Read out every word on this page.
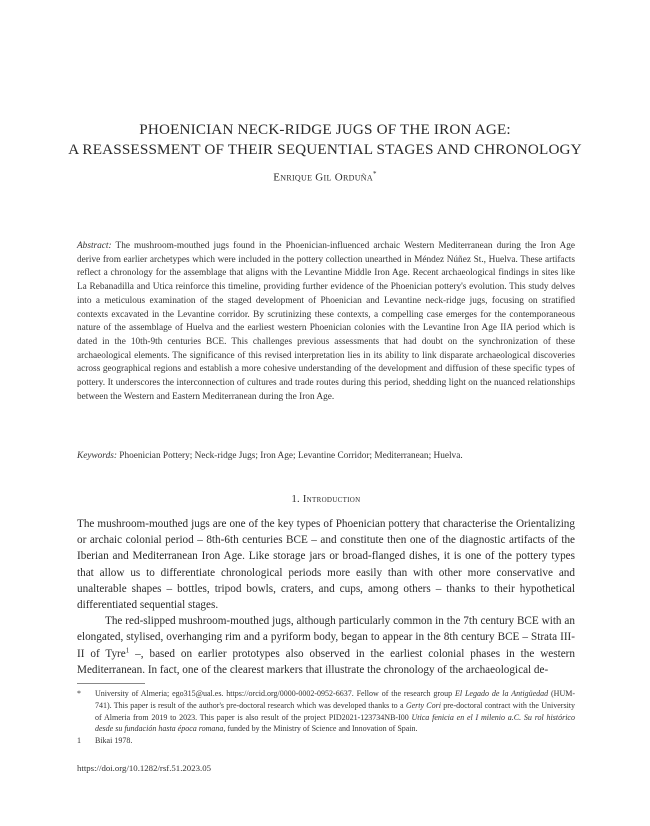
PHOENICIAN NECK-RIDGE JUGS OF THE IRON AGE:
A REASSESSMENT OF THEIR SEQUENTIAL STAGES AND CHRONOLOGY
Enrique Gil Orduña*
Abstract: The mushroom-mouthed jugs found in the Phoenician-influenced archaic Western Mediterranean during the Iron Age derive from earlier archetypes which were included in the pottery collection unearthed in Méndez Núñez St., Huelva. These artifacts reflect a chronology for the assemblage that aligns with the Levantine Middle Iron Age. Recent archaeological findings in sites like La Rebanadilla and Utica reinforce this timeline, providing further evidence of the Phoenician pottery's evolution. This study delves into a meticulous examination of the staged development of Phoenician and Levantine neck-ridge jugs, focusing on stratified contexts excavated in the Levantine corridor. By scrutinizing these contexts, a compelling case emerges for the contemporaneous nature of the assemblage of Huelva and the earliest western Phoenician colonies with the Levantine Iron Age IIA period which is dated in the 10th-9th centuries BCE. This challenges previous assessments that had doubt on the synchronization of these archaeological elements. The significance of this revised interpretation lies in its ability to link disparate archaeological discoveries across geographical regions and establish a more cohesive understanding of the development and diffusion of these specific types of pottery. It underscores the interconnection of cultures and trade routes during this period, shedding light on the nuanced relationships between the Western and Eastern Mediterranean during the Iron Age.
Keywords: Phoenician Pottery; Neck-ridge Jugs; Iron Age; Levantine Corridor; Mediterranean; Huelva.
1. Introduction

The mushroom-mouthed jugs are one of the key types of Phoenician pottery that characterise the Orientalizing or archaic colonial period – 8th-6th centuries BCE – and constitute then one of the diagnostic artifacts of the Iberian and Mediterranean Iron Age. Like storage jars or broad-flanged dishes, it is one of the pottery types that allow us to differentiate chronological periods more easily than with other more conservative and unalterable shapes – bottles, tripod bowls, craters, and cups, among others – thanks to their hypothetical differentiated sequential stages.

The red-slipped mushroom-mouthed jugs, although particularly common in the 7th century BCE with an elongated, stylised, overhanging rim and a pyriform body, began to appear in the 8th century BCE – Strata III-II of Tyre$^1$ –, based on earlier prototypes also observed in the earliest colonial phases in the western Mediterranean. In fact, one of the clearest markers that illustrate the chronology of the archaeological de-

* University of Almeria; ego315@ual.es. https://orcid.org/0000-0002-0952-6637. Fellow of the research group El Legado de la Antigüedad (HUM-741). This paper is result of the author's pre-doctoral research which was developed thanks to a Gerty Cori pre-doctoral contract with the University of Almeria from 2019 to 2023. This paper is also result of the project PID2021-123734NB-I00 Utica fenicia en el I milenio a.C. Su rol histórico desde su fundación hasta época romana, funded by the Ministry of Science and Innovation of Spain.
1 Bikai 1978.
https://doi.org/10.1282/rsf.51.2023.05
